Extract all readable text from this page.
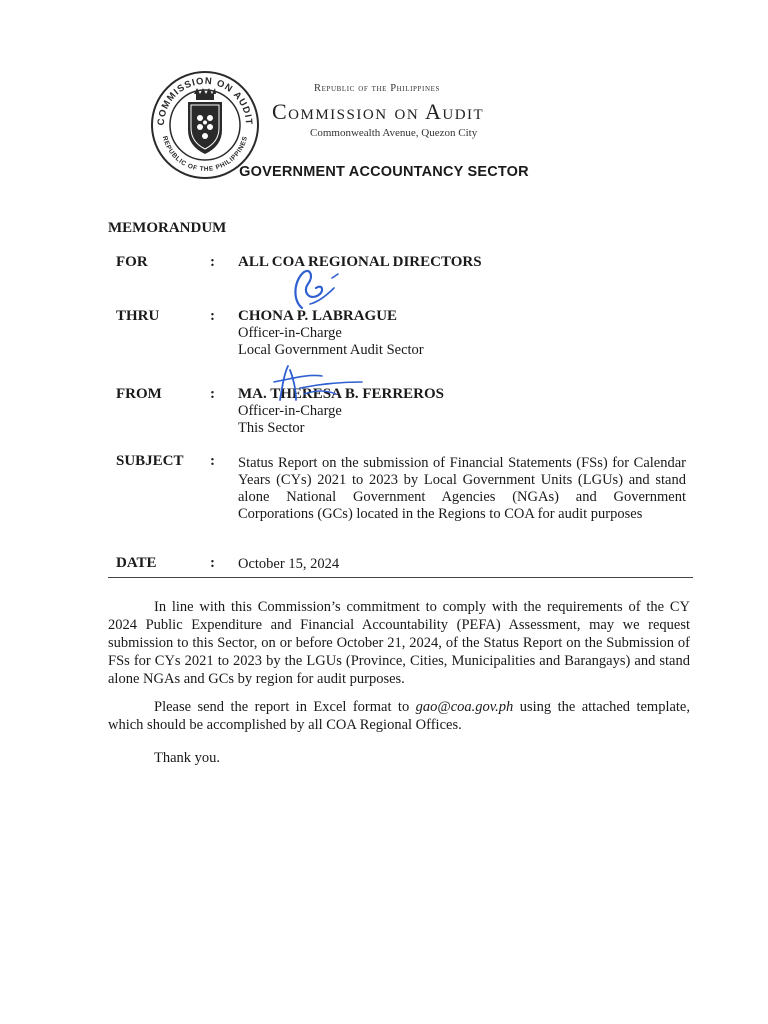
COMMISSION ON AUDIT
REPUBLIC OF THE PHILIPPINES
Republic of the Philippines
Commission on Audit
Commonwealth Avenue, Quezon City
GOVERNMENT ACCOUNTANCY SECTOR
MEMORANDUM
FOR	: ALL COA REGIONAL DIRECTORS
THRU	: CHONA P. LABRAGUE
Officer-in-Charge
Local Government Audit Sector
FROM	: MA. THERESA B. FERREROS
Officer-in-Charge
This Sector
SUBJECT : Status Report on the submission of Financial Statements (FSs) for Calendar Years (CYs) 2021 to 2023 by Local Government Units (LGUs) and stand alone National Government Agencies (NGAs) and Government Corporations (GCs) located in the Regions to COA for audit purposes
DATE	: October 15, 2024
In line with this Commission’s commitment to comply with the requirements of the CY 2024 Public Expenditure and Financial Accountability (PEFA) Assessment, may we request submission to this Sector, on or before October 21, 2024, of the Status Report on the Submission of FSs for CYs 2021 to 2023 by the LGUs (Province, Cities, Municipalities and Barangays) and stand alone NGAs and GCs by region for audit purposes.
Please send the report in Excel format to gao@coa.gov.ph using the attached template, which should be accomplished by all COA Regional Offices.
Thank you.
